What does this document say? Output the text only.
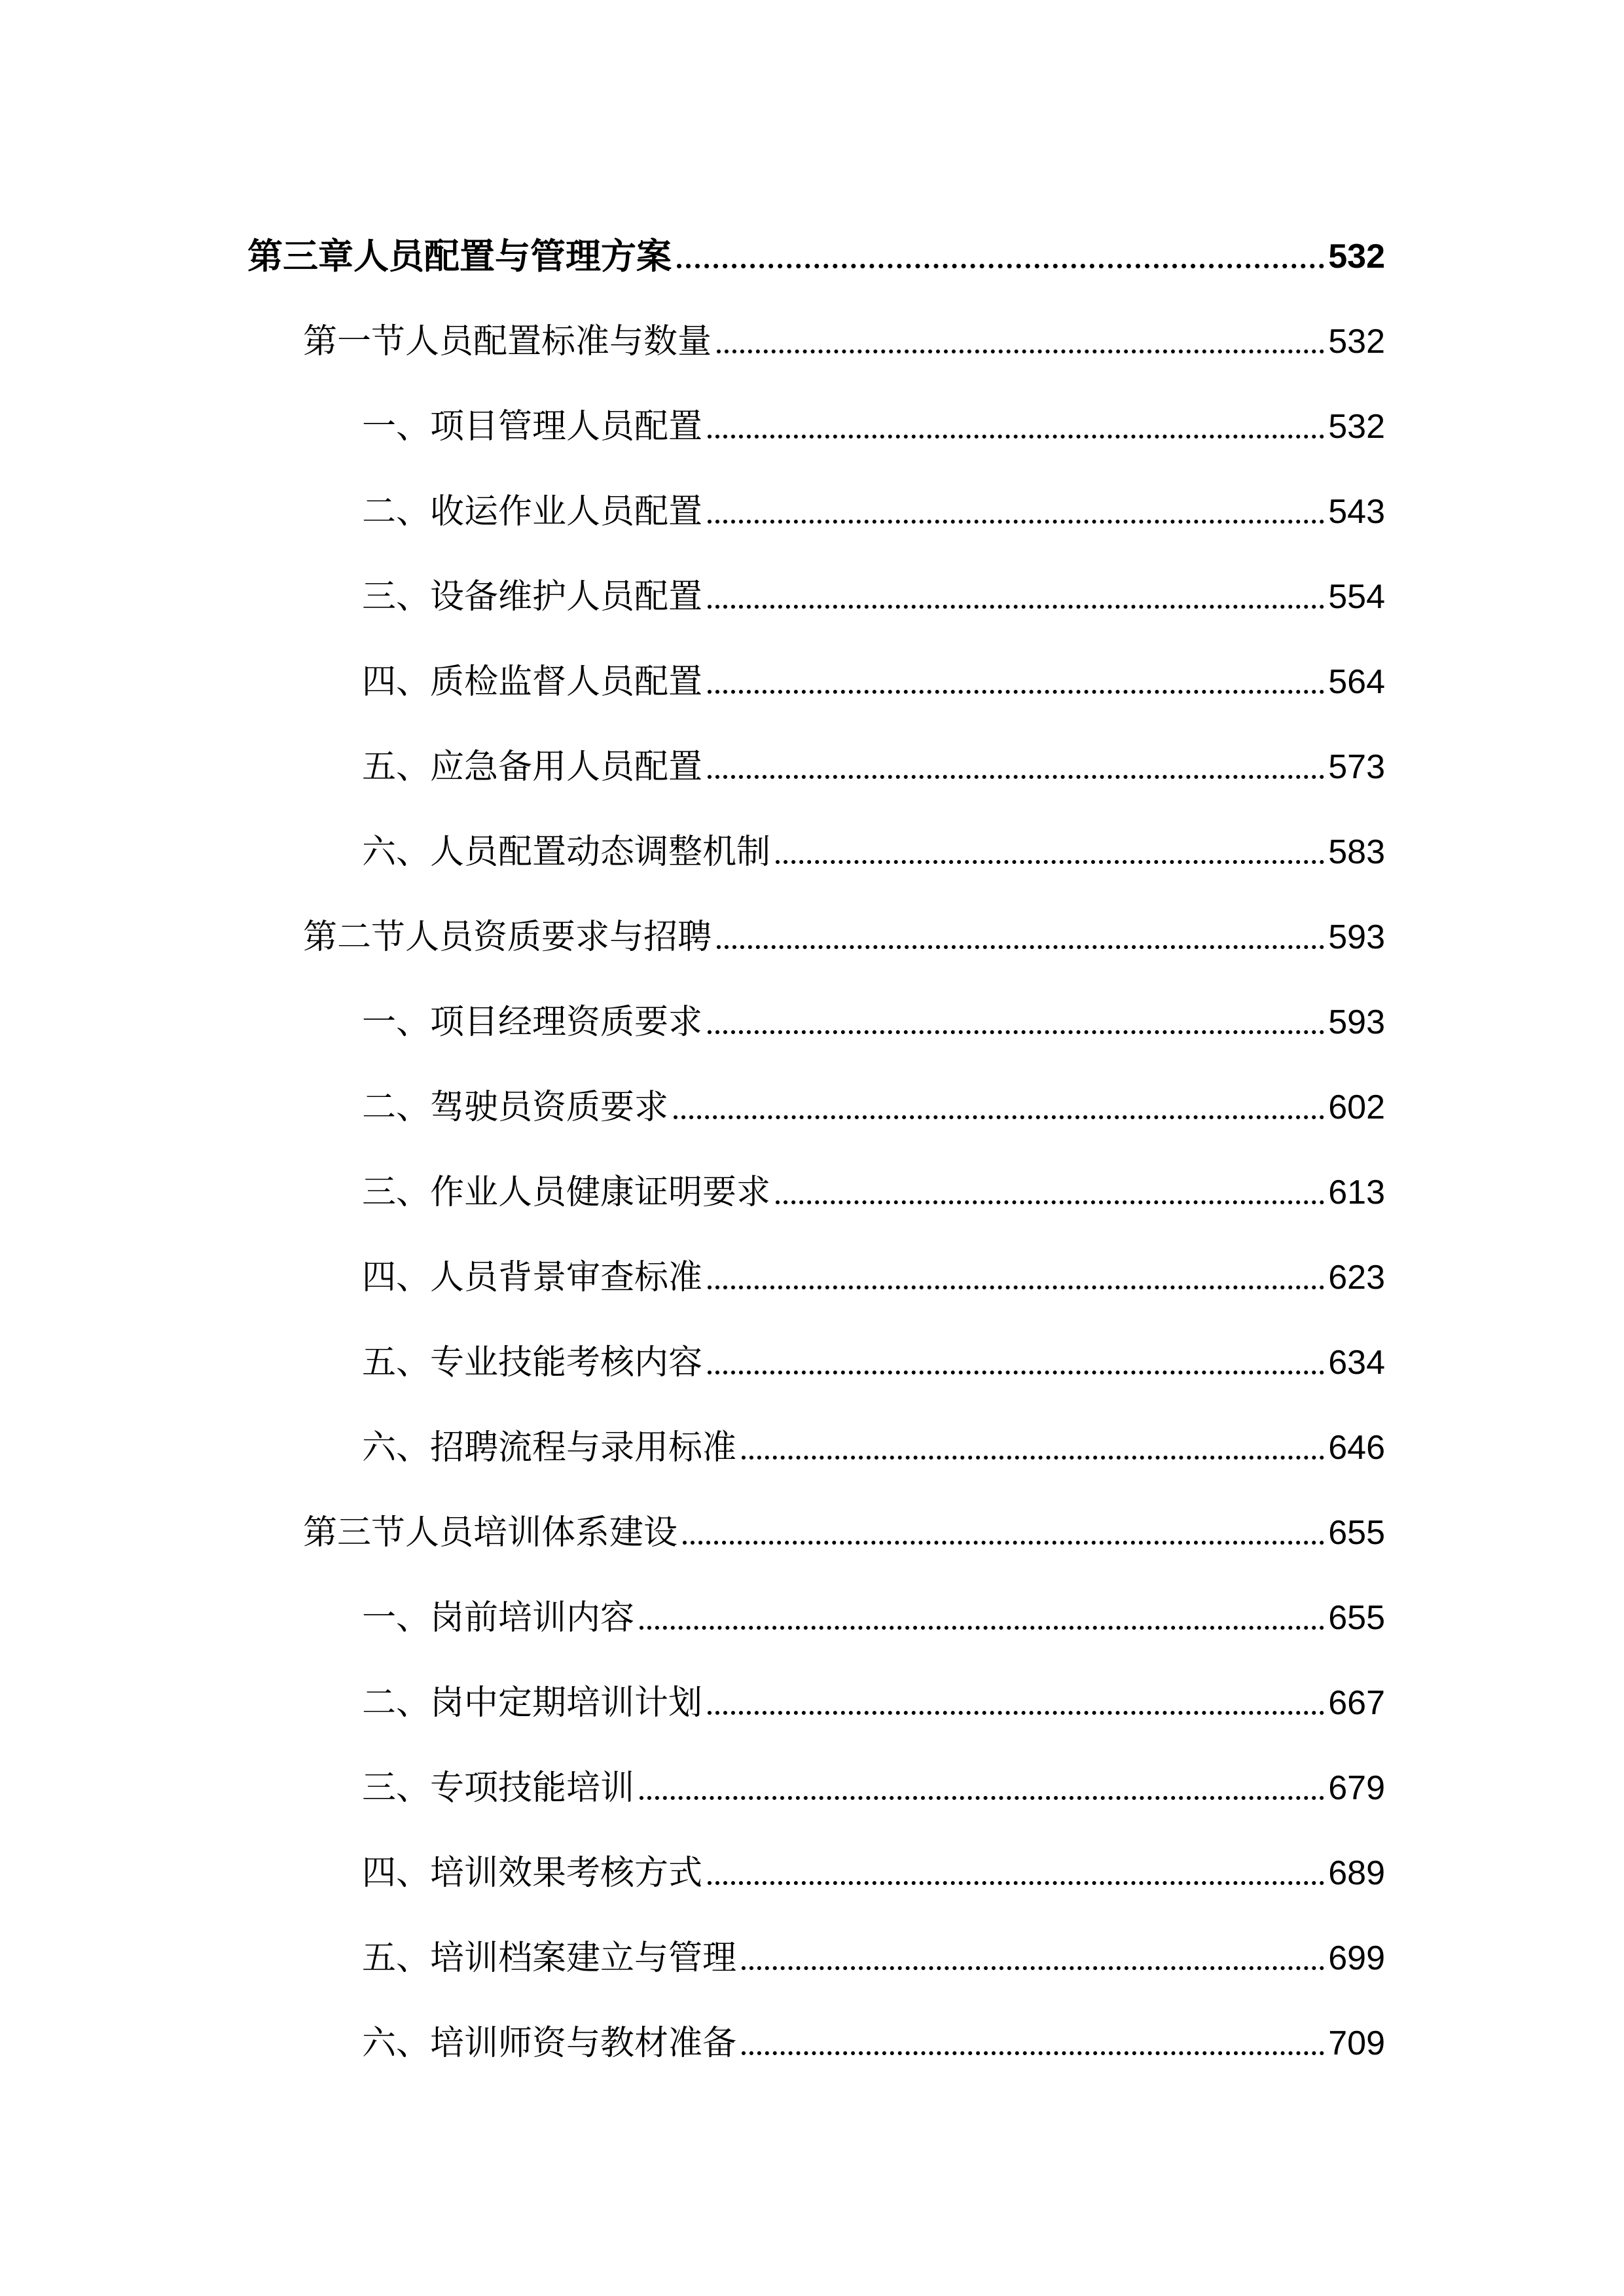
第三章人员配置与管理方案	532
第一节人员配置标准与数量	532
一、项目管理人员配置	532
二、收运作业人员配置	543
三、设备维护人员配置	554
四、质检监督人员配置	564
五、应急备用人员配置	573
六、人员配置动态调整机制	583
第二节人员资质要求与招聘	593
一、项目经理资质要求	593
二、驾驶员资质要求	602
三、作业人员健康证明要求	613
四、人员背景审查标准	623
五、专业技能考核内容	634
六、招聘流程与录用标准	646
第三节人员培训体系建设	655
一、岗前培训内容	655
二、岗中定期培训计划	667
三、专项技能培训	679
四、培训效果考核方式	689
五、培训档案建立与管理	699
六、培训师资与教材准备	709
